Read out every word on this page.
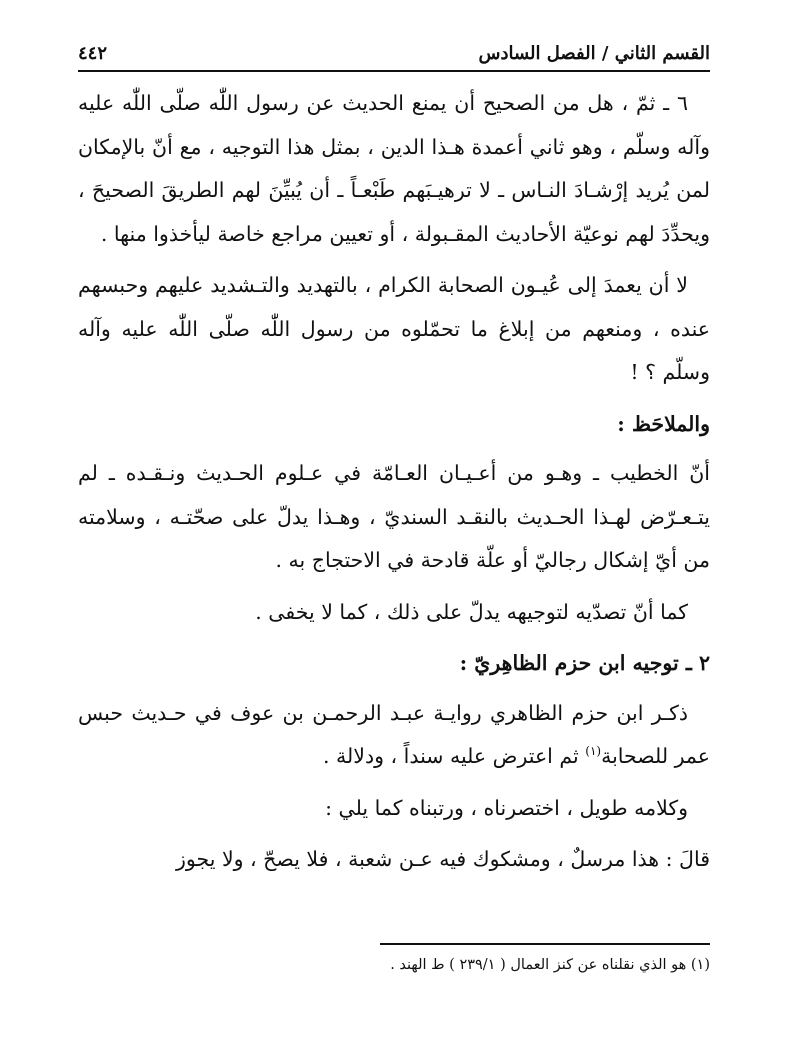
القسم الثاني / الفصل السادس
٤٤٢

٦ ـ ثمّ ، هل من الصحيح أن يمنع الحديث عن رسول اللّٰه صلّى اللّٰه عليه وآله وسلّم ، وهو ثاني أعمدة هـذا الدين ، بمثل هذا التوجيه ، مع أنّ بالإمكان لمن يُريد إرْشـادَ النـاس ـ لا ترهيـبَهم طَبْعـاً ـ أن يُبيِّنَ لهم الطريقَ الصحيحَ ، ويحدِّدَ لهم نوعيّة الأحاديث المقـبولة ، أو تعيين مراجع خاصة ليأخذوا منها .

لا أن يعمدَ إلى عُيـون الصحابة الكرام ، بالتهديد والتـشديد عليهم وحبسهم عنده ، ومنعهم من إبلاغ ما تحمّلوه من رسول اللّٰه صلّى اللّٰه عليه وآله وسلّم ؟ !

والملاحَظ :

أنّ الخطيب ـ وهـو من أعـيـان العـامّة في عـلوم الحـديث ونـقـده ـ لم يتـعـرّض لهـذا الحـديث بالنقـد السنديّ ، وهـذا يدلّ على صحّتـه ، وسلامته من أيّ إشكال رجاليّ أو علّة قادحة في الاحتجاج به .

كما أنّ تصدّيه لتوجيهه يدلّ على ذلك ، كما لا يخفى .

٢ ـ توجيه ابن حزم الظاهِريّ :

ذكـر ابن حزم الظاهري روايـة عبـد الرحمـن بن عوف في حـديث حبس عمر للصحابة$^{(١)}$ ثم اعترض عليه سنداً ، ودلالة .

وكلامه طويل ، اختصرناه ، ورتبناه كما يلي :

قالَ : هذا مرسلٌ ، ومشكوك فيه عـن شعبة ، فلا يصحّ ، ولا يجوز

(١) هو الذي نقلناه عن كنز العمال ( ٢٣٩/١ ) ط الهند .
